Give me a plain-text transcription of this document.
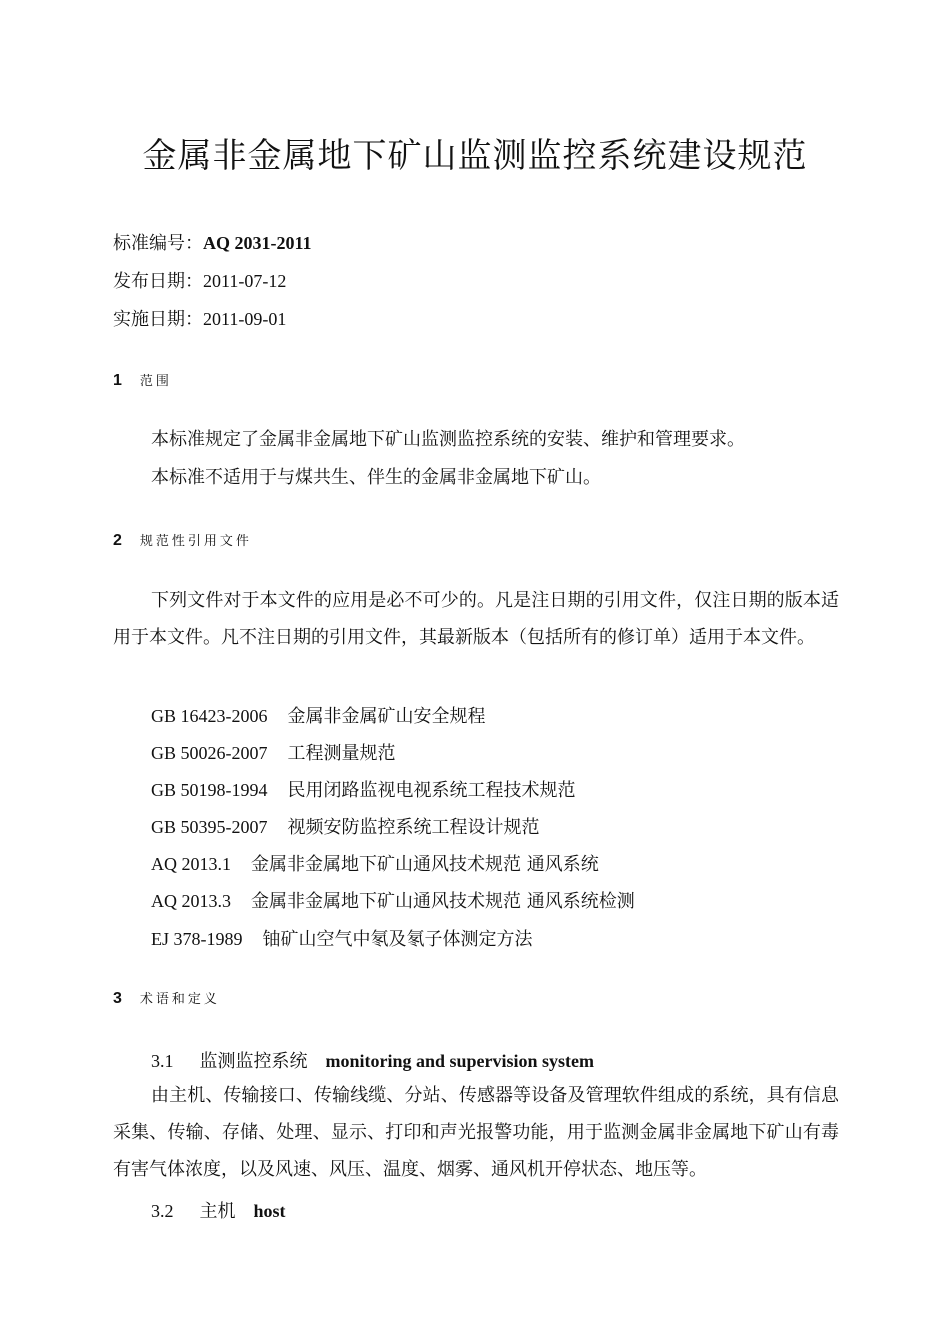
金属非金属地下矿山监测监控系统建设规范
标准编号：AQ 2031-2011
发布日期：2011-07-12
实施日期：2011-09-01
1 范围
本标准规定了金属非金属地下矿山监测监控系统的安装、维护和管理要求。
本标准不适用于与煤共生、伴生的金属非金属地下矿山。
2 规范性引用文件
下列文件对于本文件的应用是必不可少的。凡是注日期的引用文件，仅注日期的版本适用于本文件。凡不注日期的引用文件，其最新版本（包括所有的修订单）适用于本文件。
GB 16423-2006 金属非金属矿山安全规程
GB 50026-2007 工程测量规范
GB 50198-1994 民用闭路监视电视系统工程技术规范
GB 50395-2007 视频安防监控系统工程设计规范
AQ 2013.1 金属非金属地下矿山通风技术规范 通风系统
AQ 2013.3 金属非金属地下矿山通风技术规范 通风系统检测
EJ 378-1989 铀矿山空气中氡及氡子体测定方法
3 术语和定义
3.1 监测监控系统 monitoring and supervision system
由主机、传输接口、传输线缆、分站、传感器等设备及管理软件组成的系统，具有信息采集、传输、存储、处理、显示、打印和声光报警功能，用于监测金属非金属地下矿山有毒有害气体浓度，以及风速、风压、温度、烟雾、通风机开停状态、地压等。
3.2 主机 host
